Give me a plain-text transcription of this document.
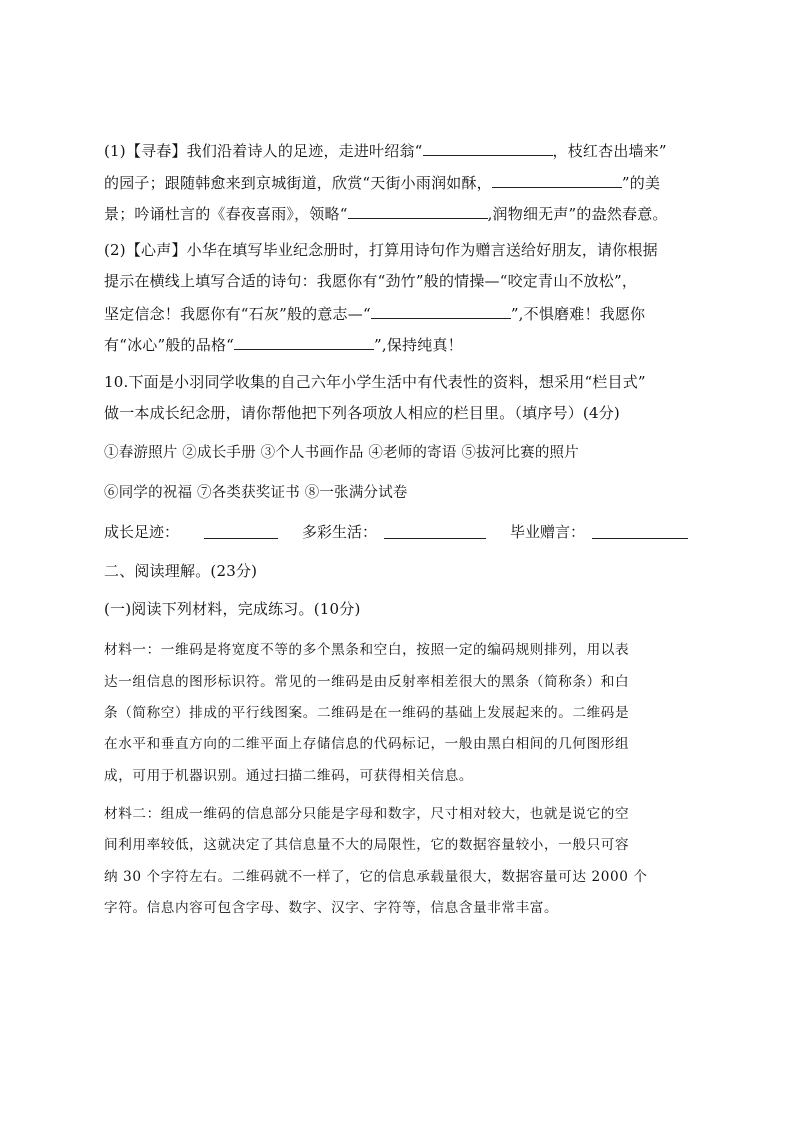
(1)【寻春】我们沿着诗人的足迹，走进叶绍翁“	，枝红杏出墙来”
的园子；跟随韩愈来到京城街道，欣赏“天街小雨润如酥，	”的美
景；吟诵杜言的《春夜喜雨》，领略“	,润物细无声”的盎然春意。
(2)【心声】小华在填写毕业纪念册时，打算用诗句作为赠言送给好朋友，请你根据
提示在横线上填写合适的诗句：我愿你有“劲竹”般的情操—“咬定青山不放松”，
坚定信念！我愿你有“石灰”般的意志—“	”,不惧磨难！我愿你
有“冰心”般的品格“	”,保持纯真！
10.下面是小羽同学收集的自己六年小学生活中有代表性的资料，想采用“栏目式”
做一本成长纪念册，请你帮他把下列各项放人相应的栏目里。（填序号）(4分)
①春游照片 ②成长手册 ③个人书画作品 ④老师的寄语 ⑤拔河比赛的照片
⑥同学的祝福 ⑦各类获奖证书 ⑧一张满分试卷
成长足迹：	多彩生活：	毕业赠言：
二、阅读理解。(23分)
(一)阅读下列材料，完成练习。(10分)
材料一：一维码是将宽度不等的多个黑条和空白，按照一定的编码规则排列，用以表
达一组信息的图形标识符。常见的一维码是由反射率相差很大的黑条（简称条）和白
条（简称空）排成的平行线图案。二维码是在一维码的基础上发展起来的。二维码是
在水平和垂直方向的二维平面上存储信息的代码标记，一般由黑白相间的几何图形组
成，可用于机器识别。通过扫描二维码，可获得相关信息。
材料二：组成一维码的信息部分只能是字母和数字，尺寸相对较大，也就是说它的空
间利用率较低，这就决定了其信息量不大的局限性，它的数据容量较小，一般只可容
纳 30 个字符左右。二维码就不一样了，它的信息承载量很大，数据容量可达 2000 个
字符。信息内容可包含字母、数字、汉字、字符等，信息含量非常丰富。
